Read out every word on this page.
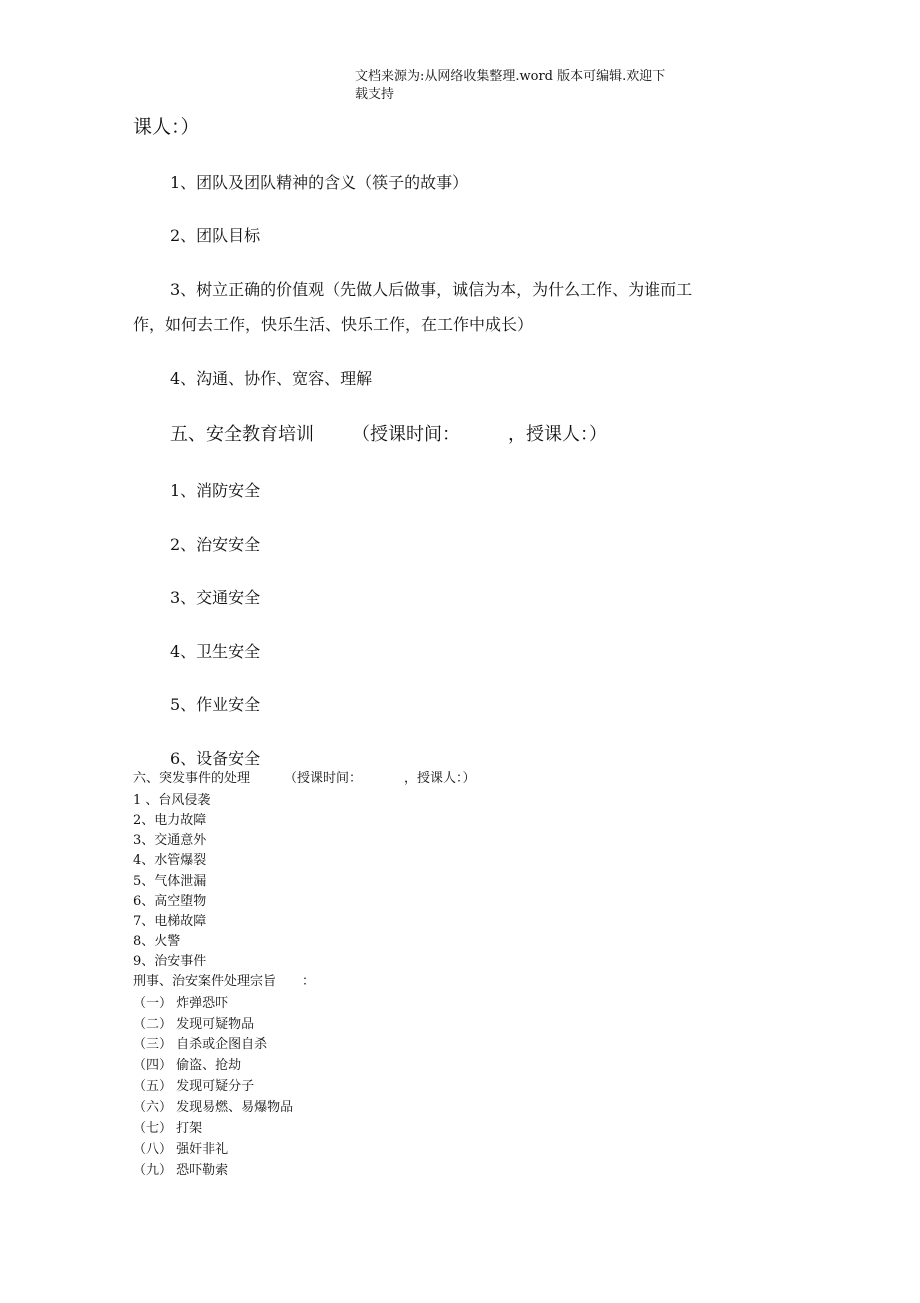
文档来源为:从网络收集整理.word 版本可编辑.欢迎下
载支持
课人：）
1、团队及团队精神的含义（筷子的故事）
2、团队目标
3、树立正确的价值观（先做人后做事，诚信为本，为什么工作、为谁而工
作，如何去工作，快乐生活、快乐工作，在工作中成长）
4、沟通、协作、宽容、理解
五、安全教育培训 （授课时间：	，授课人：）
1、消防安全
2、治安安全
3、交通安全
4、卫生安全
5、作业安全
6、设备安全
六、突发事件的处理	（授课时间：	，授课人：）
1 、台风侵袭
2、电力故障
3、交通意外
4、水管爆裂
5、气体泄漏
6、高空堕物
7、电梯故障
8、火警
9、治安事件
刑事、治安案件处理宗旨 ：
（一） 炸弹恐吓
（二） 发现可疑物品
（三） 自杀或企图自杀
（四） 偷盗、抢劫
（五） 发现可疑分子
（六） 发现易燃、易爆物品
（七） 打架
（八） 强奸非礼
（九） 恐吓勒索
